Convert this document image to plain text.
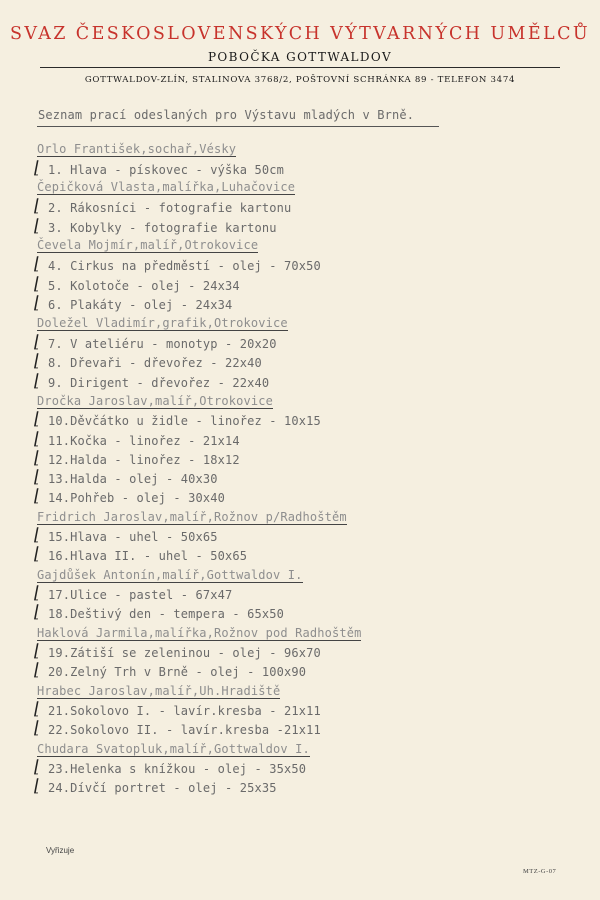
SVAZ ČESKOSLOVENSKÝCH VÝTVARNÝCH UMĚLCŮ
POBOČKA GOTTWALDOV
GOTTWALDOV-ZLÍN, STALINOVA 3768/2, POŠTOVNÍ SCHRÁNKA 89 - TELEFON 3474
Seznam prací odeslaných pro Výstavu mladých v Brně.
Orlo František,sochař,Vésky
Čepičková Vlasta,malířka,Luhačovice
Čevela Mojmír,malíř,Otrokovice
Doležel Vladimír,grafik,Otrokovice
Dročka Jaroslav,malíř,Otrokovice
Fridrich Jaroslav,malíř,Rožnov p/Radhoštěm
Gajdůšek Antonín,malíř,Gottwaldov I.
Haklová Jarmila,malířka,Rožnov pod Radhoštěm
Hrabec Jaroslav,malíř,Uh.Hradiště
Chudara Svatopluk,malíř,Gottwaldov I.
1. Hlava - pískovec - výška 50cm
2. Rákosníci - fotografie kartonu
3. Kobylky - fotografie kartonu
4. Cirkus na předměstí - olej - 70x50
5. Kolotoče - olej - 24x34
6. Plakáty - olej - 24x34
7. V ateliéru - monotyp - 20x20
8. Dřevaři - dřevořez - 22x40
9. Dirigent - dřevořez - 22x40
10.Děvčátko u židle - linořez - 10x15
11.Kočka - linořez - 21x14
12.Halda - linořez - 18x12
13.Halda - olej - 40x30
14.Pohřeb - olej - 30x40
15.Hlava - uhel - 50x65
16.Hlava II. - uhel - 50x65
17.Ulice - pastel - 67x47
18.Deštivý den - tempera - 65x50
19.Zátiší se zeleninou - olej - 96x70
20.Zelný Trh v Brně - olej - 100x90
21.Sokolovo I. - lavír.kresba - 21x11
22.Sokolovo II. - lavír.kresba -21x11
23.Helenka s knížkou - olej - 35x50
24.Dívčí portret - olej - 25x35
⌊
⌊
⌊
⌊
⌊
⌊
⌊
⌊
⌊
⌊
⌊
⌊
⌊
⌊
⌊
⌊
⌊
⌊
⌊
⌊
⌊
⌊
⌊
⌊
Vyřizuje
MTZ-G-07
